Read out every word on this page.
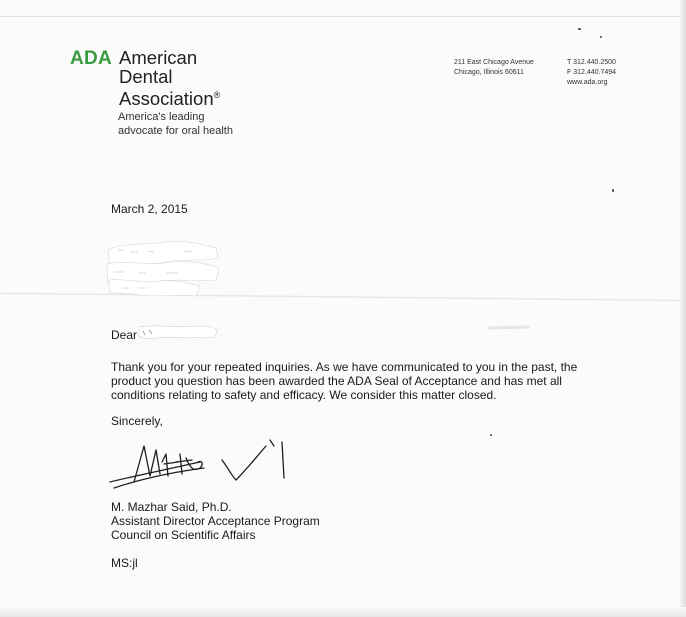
ADA American
Dental
Association®
America's leading
advocate for oral health
211 East Chicago Avenue
Chicago, Illinois 60611
T 312.440.2500
F 312.440.7494
www.ada.org
March 2, 2015
Dear
Thank you for your repeated inquiries. As we have communicated to you in the past, the
product you question has been awarded the ADA Seal of Acceptance and has met all
conditions relating to safety and efficacy. We consider this matter closed.
Sincerely,
M. Mazhar Said, Ph.D.
Assistant Director Acceptance Program
Council on Scientific Affairs
MS:jl
